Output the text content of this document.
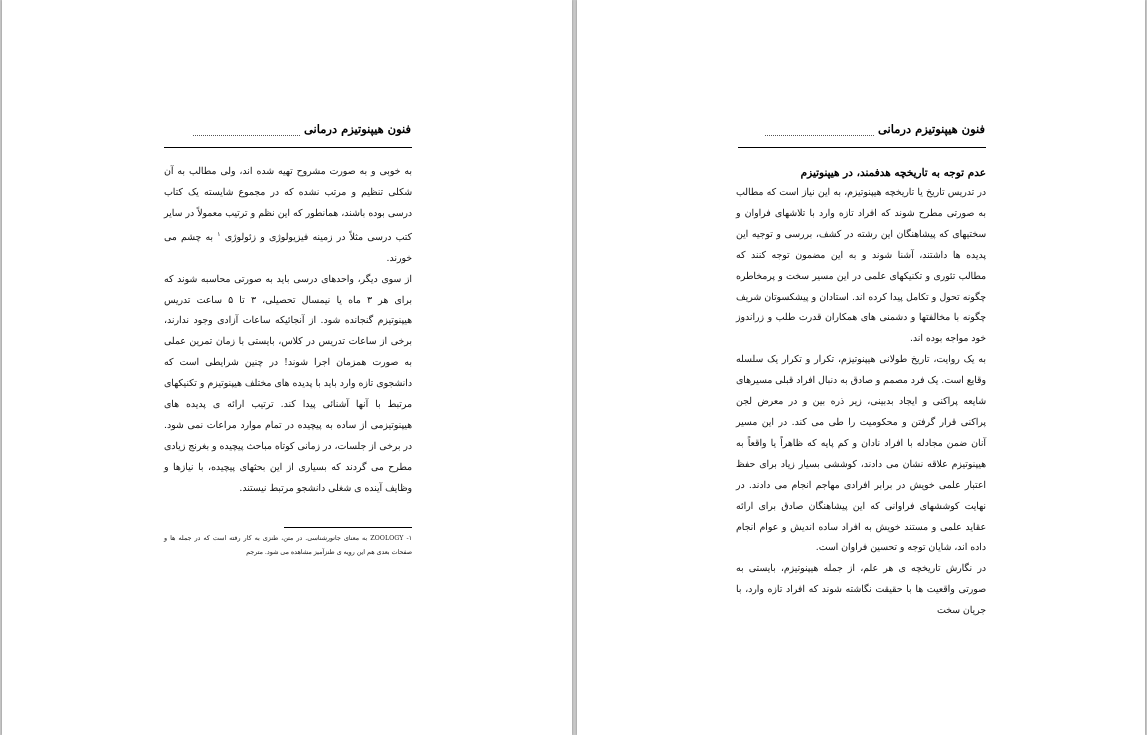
فنون هیپنوتیزم درمانی

به خوبی و به صورت مشروح تهیه شده اند، ولی مطالب به آن شکلی تنظیم و مرتب نشده که در مجموع شایسته یک کتاب درسی بوده باشند، همانطور که این نظم و ترتیب معمولاً در سایر کتب درسی مثلاً در زمینه فیزیولوژی و زئولوژی $^۱$ به چشم می خورند.

از سوی دیگر، واحدهای درسی باید به صورتی محاسبه شوند که برای هر ۳ ماه یا نیمسال تحصیلی، ۳ تا ۵ ساعت تدریس هیپنوتیزم گنجانده شود. از آنجائیکه ساعات آزادی وجود ندارند، برخی از ساعات تدریس در کلاس، بایستی با زمان تمرین عملی به صورت همزمان اجرا شوند! در چنین شرایطی است که دانشجوی تازه وارد باید با پدیده های مختلف هیپنوتیزم و تکنیکهای مرتبط با آنها آشنائی پیدا کند. ترتیب ارائه ی پدیده های هیپنوتیزمی از ساده به پیچیده در تمام موارد مراعات نمی شود. در برخی از جلسات، در زمانی کوتاه مباحث پیچیده و بغرنج زیادی مطرح می گردند که بسیاری از این بحثهای پیچیده، با نیازها و وظایف آینده ی شغلی دانشجو مرتبط نیستند.

۱- ZOOLOGY به معنای جانورشناسی. در متن، طنزی به کار رفته است که در جمله ها و صفحات بعدی هم این رویه ی طنزآمیز مشاهده می شود. مترجم
فنون هیپنوتیزم درمانی

عدم توجه به تاریخچه هدفمند، در هیپنوتیزم

در تدریس تاریخ یا تاریخچه هیپنوتیزم، به این نیاز است که مطالب به صورتی مطرح شوند که افراد تازه وارد با تلاشهای فراوان و سختیهای که پیشاهنگان این رشته در کشف، بررسی و توجیه این پدیده ها داشتند، آشنا شوند و به این مضمون توجه کنند که مطالب تئوری و تکنیکهای علمی در این مسیر سخت و پرمخاطره چگونه تحول و تکامل پیدا کرده اند. استادان و پیشکسوتان شریف چگونه با مخالفتها و دشمنی های همکاران قدرت طلب و زراندوز خود مواجه بوده اند.

به یک روایت، تاریخ طولانی هیپنوتیزم، تکرار و تکرار یک سلسله وقایع است. یک فرد مصمم و صادق به دنبال افراد قبلی مسیرهای شایعه پراکنی و ایجاد بدبینی، زیر ذره بین و در معرض لجن پراکنی قرار گرفتن و محکومیت را طی می کند. در این مسیر آنان ضمن مجادله با افراد نادان و کم پایه که ظاهراً یا واقعاً به هیپنوتیزم علاقه نشان می دادند، کوششی بسیار زیاد برای حفظ اعتبار علمی خویش در برابر افرادی مهاجم انجام می دادند. در نهایت کوششهای فراوانی که این پیشاهنگان صادق برای ارائه عقاید علمی و مستند خویش به افراد ساده اندیش و عوام انجام داده اند، شایان توجه و تحسین فراوان است.

در نگارش تاریخچه ی هر علم، از جمله هیپنوتیزم، بایستی به صورتی واقعیت ها با حقیقت نگاشته شوند که افراد تازه وارد، با جریان سخت
